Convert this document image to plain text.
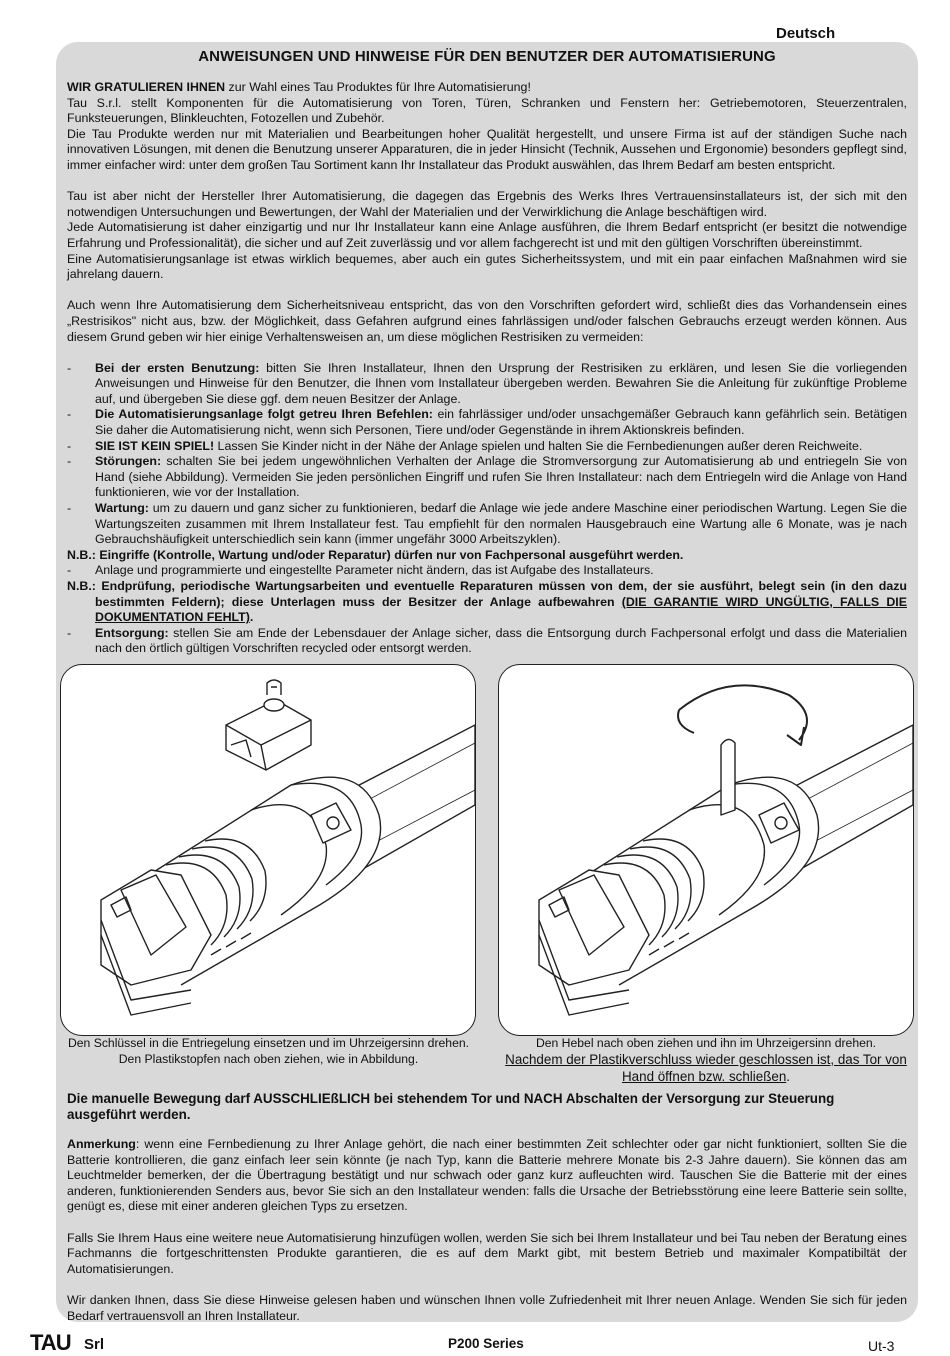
Deutsch
ANWEISUNGEN UND HINWEISE FÜR DEN BENUTZER DER AUTOMATISIERUNG

WIR GRATULIEREN IHNEN zur Wahl eines Tau Produktes für Ihre Automatisierung!

Tau S.r.l. stellt Komponenten für die Automatisierung von Toren, Türen, Schranken und Fenstern her: Getriebemotoren, Steuerzentralen, Funksteuerungen, Blinkleuchten, Fotozellen und Zubehör.

Die Tau Produkte werden nur mit Materialien und Bearbeitungen hoher Qualität hergestellt, und unsere Firma ist auf der ständigen Suche nach innovativen Lösungen, mit denen die Benutzung unserer Apparaturen, die in jeder Hinsicht (Technik, Aussehen und Ergonomie) besonders gepflegt sind, immer einfacher wird: unter dem großen Tau Sortiment kann Ihr Installateur das Produkt auswählen, das Ihrem Bedarf am besten entspricht.

Tau ist aber nicht der Hersteller Ihrer Automatisierung, die dagegen das Ergebnis des Werks Ihres Vertrauensinstallateurs ist, der sich mit den notwendigen Untersuchungen und Bewertungen, der Wahl der Materialien und der Verwirklichung die Anlage beschäftigen wird.

Jede Automatisierung ist daher einzigartig und nur Ihr Installateur kann eine Anlage ausführen, die Ihrem Bedarf entspricht (er besitzt die notwendige Erfahrung und Professionalität), die sicher und auf Zeit zuverlässig und vor allem fachgerecht ist und mit den gültigen Vorschriften übereinstimmt.

Eine Automatisierungsanlage ist etwas wirklich bequemes, aber auch ein gutes Sicherheitssystem, und mit ein paar einfachen Maßnahmen wird sie jahrelang dauern.

Auch wenn Ihre Automatisierung dem Sicherheitsniveau entspricht, das von den Vorschriften gefordert wird, schließt dies das Vorhandensein eines „Restrisikos" nicht aus, bzw. der Möglichkeit, dass Gefahren aufgrund eines fahrlässigen und/oder falschen Gebrauchs erzeugt werden können. Aus diesem Grund geben wir hier einige Verhaltensweisen an, um diese möglichen Restrisiken zu vermeiden:

- Bei der ersten Benutzung: bitten Sie Ihren Installateur, Ihnen den Ursprung der Restrisiken zu erklären, und lesen Sie die vorliegenden Anweisungen und Hinweise für den Benutzer, die Ihnen vom Installateur übergeben werden. Bewahren Sie die Anleitung für zukünftige Probleme auf, und übergeben Sie diese ggf. dem neuen Besitzer der Anlage.
- Die Automatisierungsanlage folgt getreu Ihren Befehlen: ein fahrlässiger und/oder unsachgemäßer Gebrauch kann gefährlich sein. Betätigen Sie daher die Automatisierung nicht, wenn sich Personen, Tiere und/oder Gegenstände in ihrem Aktionskreis befinden.
- SIE IST KEIN SPIEL! Lassen Sie Kinder nicht in der Nähe der Anlage spielen und halten Sie die Fernbedienungen außer deren Reichweite.
- Störungen: schalten Sie bei jedem ungewöhnlichen Verhalten der Anlage die Stromversorgung zur Automatisierung ab und entriegeln Sie von Hand (siehe Abbildung). Vermeiden Sie jeden persönlichen Eingriff und rufen Sie Ihren Installateur: nach dem Entriegeln wird die Anlage von Hand funktionieren, wie vor der Installation.
- Wartung: um zu dauern und ganz sicher zu funktionieren, bedarf die Anlage wie jede andere Maschine einer periodischen Wartung. Legen Sie die Wartungszeiten zusammen mit Ihrem Installateur fest. Tau empfiehlt für den normalen Hausgebrauch eine Wartung alle 6 Monate, was je nach Gebrauchshäufigkeit unterschiedlich sein kann (immer ungefähr 3000 Arbeitszyklen).
N.B.: Eingriffe (Kontrolle, Wartung und/oder Reparatur) dürfen nur von Fachpersonal ausgeführt werden.
- Anlage und programmierte und eingestellte Parameter nicht ändern, das ist Aufgabe des Installateurs.
N.B.: Endprüfung, periodische Wartungsarbeiten und eventuelle Reparaturen müssen von dem, der sie ausführt, belegt sein (in den dazu bestimmten Feldern); diese Unterlagen muss der Besitzer der Anlage aufbewahren (DIE GARANTIE WIRD UNGÜLTIG, FALLS DIE DOKUMENTATION FEHLT).
- Entsorgung: stellen Sie am Ende der Lebensdauer der Anlage sicher, dass die Entsorgung durch Fachpersonal erfolgt und dass die Materialien nach den örtlich gültigen Vorschriften recycled oder entsorgt werden.
Den Schlüssel in die Entriegelung einsetzen und im Uhrzeigersinn drehen.
Den Plastikstopfen nach oben ziehen, wie in Abbildung.
Den Hebel nach oben ziehen und ihn im Uhrzeigersinn drehen.
Nachdem der Plastikverschluss wieder geschlossen ist, das Tor von Hand öffnen bzw. schließen.
Die manuelle Bewegung darf AUSSCHLIEßLICH bei stehendem Tor und NACH Abschalten der Versorgung zur Steuerung ausgeführt werden.

Anmerkung: wenn eine Fernbedienung zu Ihrer Anlage gehört, die nach einer bestimmten Zeit schlechter oder gar nicht funktioniert, sollten Sie die Batterie kontrollieren, die ganz einfach leer sein könnte (je nach Typ, kann die Batterie mehrere Monate bis 2-3 Jahre dauern). Sie können das am Leuchtmelder bemerken, der die Übertragung bestätigt und nur schwach oder ganz kurz aufleuchten wird. Tauschen Sie die Batterie mit der eines anderen, funktionierenden Senders aus, bevor Sie sich an den Installateur wenden: falls die Ursache der Betriebsstörung eine leere Batterie sein sollte, genügt es, diese mit einer anderen gleichen Typs zu ersetzen.

Falls Sie Ihrem Haus eine weitere neue Automatisierung hinzufügen wollen, werden Sie sich bei Ihrem Installateur und bei Tau neben der Beratung eines Fachmanns die fortgeschrittensten Produkte garantieren, die es auf dem Markt gibt, mit bestem Betrieb und maximaler Kompatibiltät der Automatisierungen.

Wir danken Ihnen, dass Sie diese Hinweise gelesen haben und wünschen Ihnen volle Zufriedenheit mit Ihrer neuen Anlage. Wenden Sie sich für jeden Bedarf vertrauensvoll an Ihren Installateur.

TAU Srl	P200 Series	Ut-3
